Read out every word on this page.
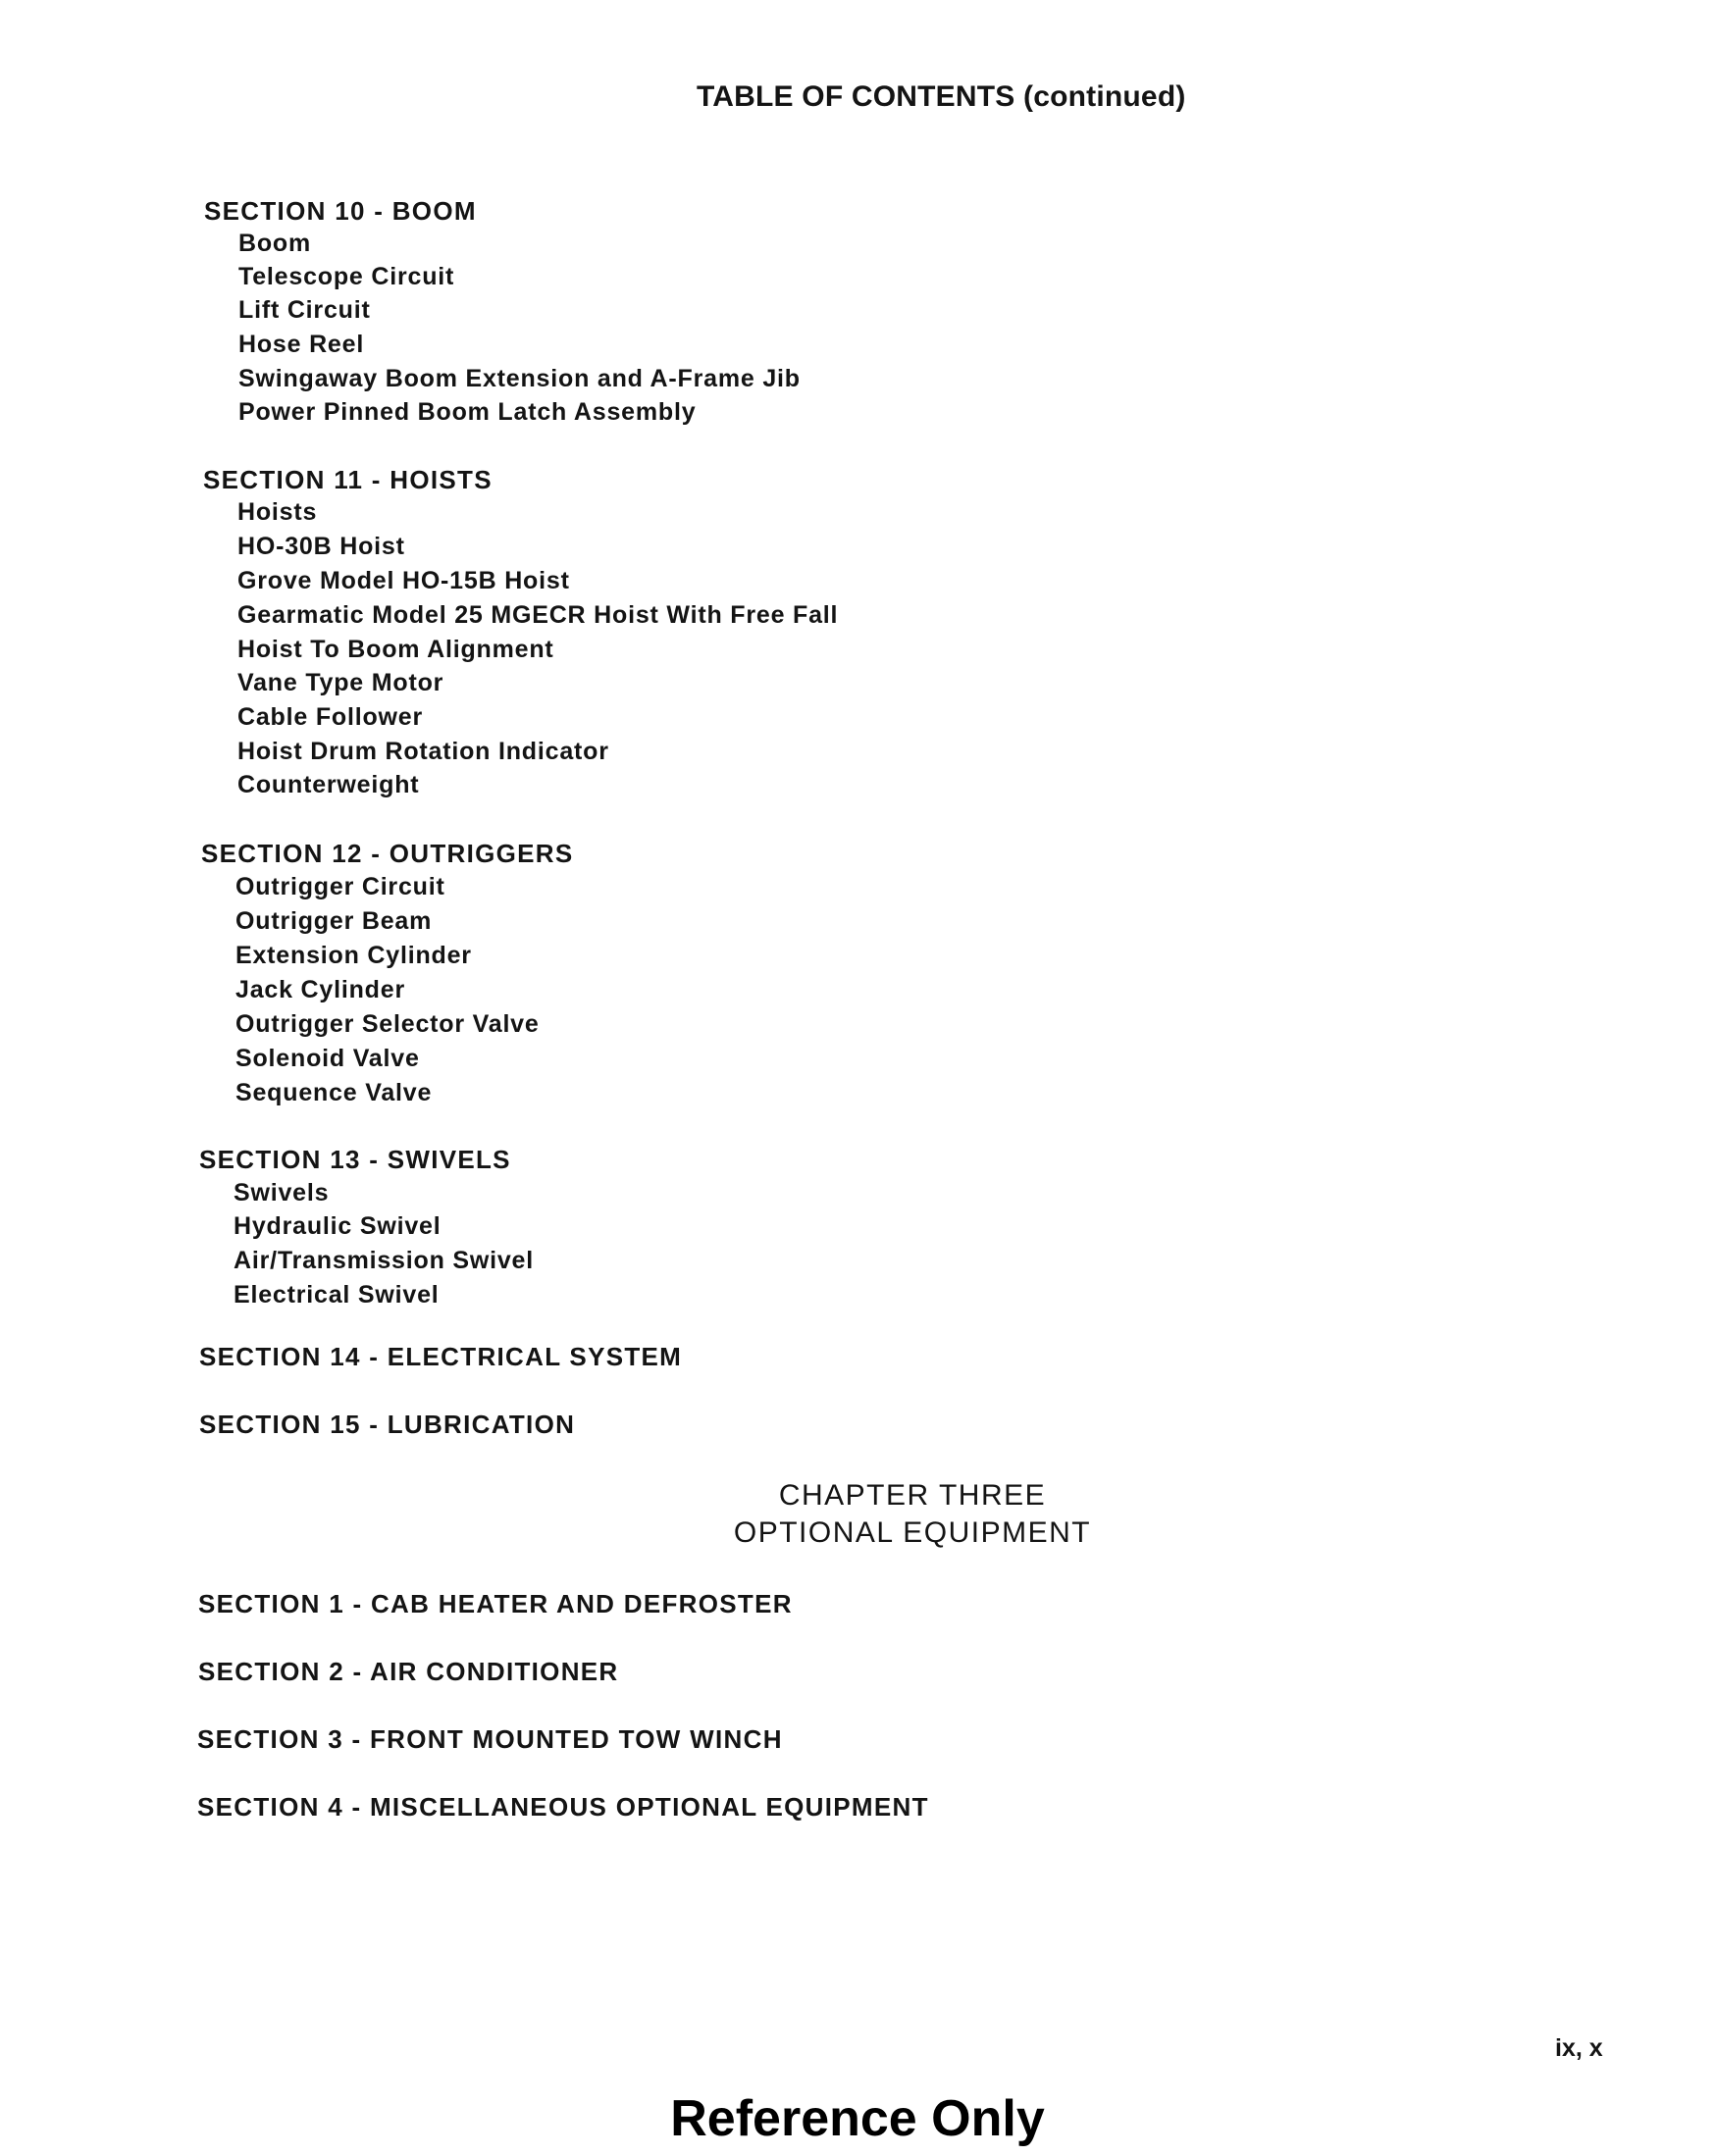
TABLE OF CONTENTS (continued)
SECTION 10 - BOOM
Boom
Telescope Circuit
Lift Circuit
Hose Reel
Swingaway Boom Extension and A-Frame Jib
Power Pinned Boom Latch Assembly
SECTION 11 - HOISTS
Hoists
HO-30B Hoist
Grove Model HO-15B Hoist
Gearmatic Model 25 MGECR Hoist With Free Fall
Hoist To Boom Alignment
Vane Type Motor
Cable Follower
Hoist Drum Rotation Indicator
Counterweight
SECTION 12 - OUTRIGGERS
Outrigger Circuit
Outrigger Beam
Extension Cylinder
Jack Cylinder
Outrigger Selector Valve
Solenoid Valve
Sequence Valve
SECTION 13 - SWIVELS
Swivels
Hydraulic Swivel
Air/Transmission Swivel
Electrical Swivel
SECTION 14 - ELECTRICAL SYSTEM
SECTION 15 - LUBRICATION
CHAPTER THREE
OPTIONAL EQUIPMENT
SECTION 1 - CAB HEATER AND DEFROSTER
SECTION 2 - AIR CONDITIONER
SECTION 3 - FRONT MOUNTED TOW WINCH
SECTION 4 - MISCELLANEOUS OPTIONAL EQUIPMENT
ix, x
Reference Only
